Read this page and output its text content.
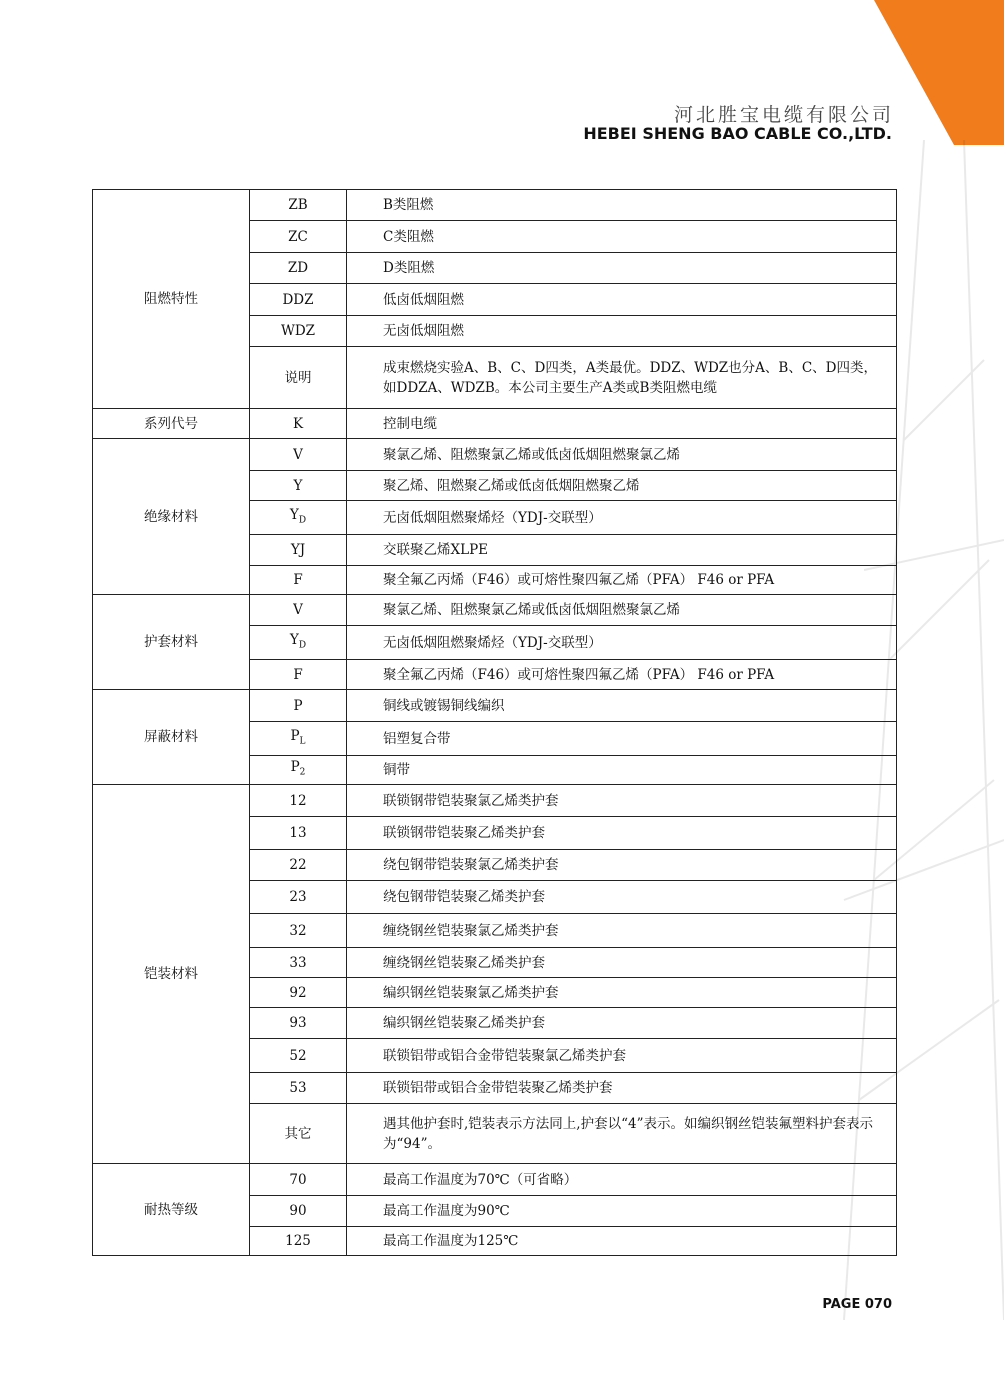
河北胜宝电缆有限公司
HEBEI SHENG BAO CABLE CO.,LTD.
阻燃特性	ZB	B类阻燃
	ZC	C类阻燃
	ZD	D类阻燃
	DDZ	低卤低烟阻燃
	WDZ	无卤低烟阻燃
	说明	成束燃烧实验A、B、C、D四类，A类最优。DDZ、WDZ也分A、B、C、D四类，如DDZA、WDZB。本公司主要生产A类或B类阻燃电缆
系列代号	K	控制电缆
绝缘材料	V	聚氯乙烯、阻燃聚氯乙烯或低卤低烟阻燃聚氯乙烯
	Y	聚乙烯、阻燃聚乙烯或低卤低烟阻燃聚乙烯
	$Y_D$	无卤低烟阻燃聚烯烃（YDJ-交联型）
	YJ	交联聚乙烯XLPE
	F	聚全氟乙丙烯（F46）或可熔性聚四氟乙烯（PFA） F46 or PFA
护套材料	V	聚氯乙烯、阻燃聚氯乙烯或低卤低烟阻燃聚氯乙烯
	$Y_D$	无卤低烟阻燃聚烯烃（YDJ-交联型）
	F	聚全氟乙丙烯（F46）或可熔性聚四氟乙烯（PFA） F46 or PFA
屏蔽材料	P	铜线或镀锡铜线编织
	$P_L$	铝塑复合带
	$P_2$	铜带
铠装材料	12	联锁钢带铠装聚氯乙烯类护套
	13	联锁钢带铠装聚乙烯类护套
	22	绕包钢带铠装聚氯乙烯类护套
	23	绕包钢带铠装聚乙烯类护套
	32	缠绕钢丝铠装聚氯乙烯类护套
	33	缠绕钢丝铠装聚乙烯类护套
	92	编织钢丝铠装聚氯乙烯类护套
	93	编织钢丝铠装聚乙烯类护套
	52	联锁铝带或铝合金带铠装聚氯乙烯类护套
	53	联锁铝带或铝合金带铠装聚乙烯类护套
	其它	遇其他护套时,铠装表示方法同上,护套以“4”表示。如编织钢丝铠装氟塑料护套表示为“94”。
耐热等级	70	最高工作温度为70℃（可省略）
	90	最高工作温度为90℃
	125	最高工作温度为125℃
PAGE 070
